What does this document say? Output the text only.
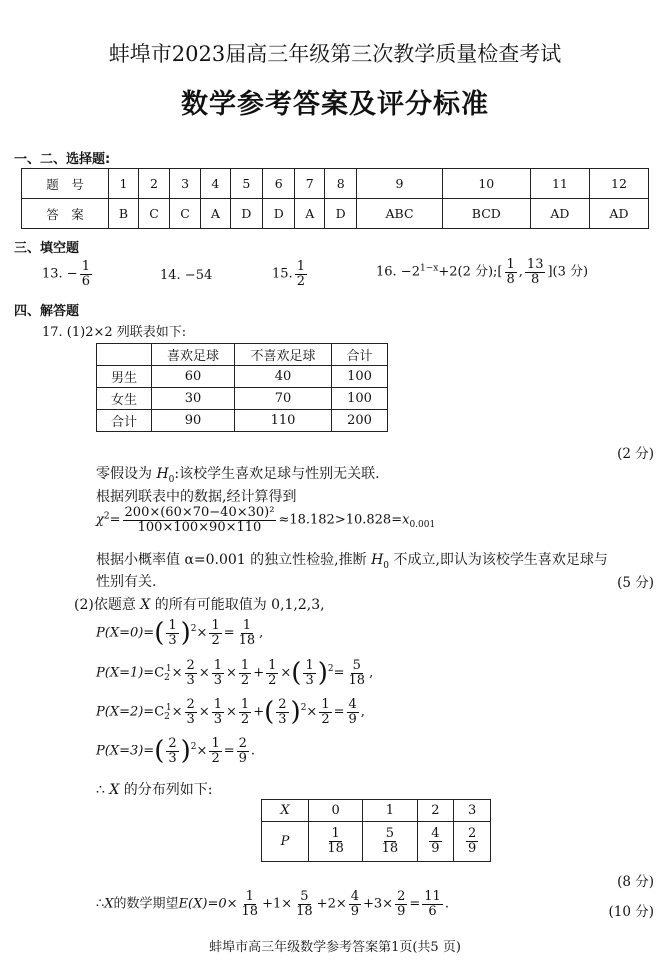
蚌埠市2023届高三年级第三次教学质量检查考试
数学参考答案及评分标准
一、二、选择题:
题　号	1	2	3	4	5	6	7	8	9	10	11	12
答　案	B	C	C	A	D	D	A	D	ABC	BCD	AD	AD
三、填空题
13. − $\frac{1}{6}$	14. −54	15. $\frac{1}{2}$	16. $-2^{1-x}+2(2$ 分);[ $\frac{1}{8}$ , $\frac{13}{8} ](3$ 分)
四、解答题
17. (1)2×2 列联表如下:
	喜欢足球	不喜欢足球	合计
男生	60	40	100
女生	30	70	100
合计	90	110	200
(2 分)
零假设为 $H_0$:该校学生喜欢足球与性别无关联.
根据列联表中的数据,经计算得到
$\chi^2= \frac{\text{200×(60×70−40×30)²}}{100\times 100\times 90\times 110} \approx 18.182>10.828=x_{0.001}$
根据小概率值 α=0.001 的独立性检验,推断 $H_0$ 不成立,即认为该校学生喜欢足球与
性别有关.	(5 分)
(2)依题意 X 的所有可能取值为 0,1,2,3,
$P(X=0)=( \frac{1}{3} )^2\times \frac{1}{2} = \frac{1}{18}$ ,
$P(X=1)=C_2^1\times \frac{2}{3} \times \frac{1}{3} \times \frac{1}{2} + \frac{1}{2}$ ×( $\frac{1}{3} )^2= \frac{5}{18}$ ,
$P(X=2)=C_2^1\times \frac{2}{3} \times \frac{1}{3} \times \frac{1}{2}$ +( $\frac{2}{3} )^2\times \frac{1}{2} = \frac{4}{9}$ ,
$P(X=3)=( \frac{2}{3} )^2\times \frac{1}{2} = \frac{2}{9}$ .
∴ X 的分布列如下:
X	0	1	2	3
P	$\frac{1}{18}$	$\frac{5}{18}$	$\frac{4}{9}$	$\frac{2}{9}$
(8 分)
∴X的数学期望$E(X)=0\times \frac{1}{18} +1\times \frac{5}{18} +2\times \frac{4}{9} +3\times \frac{2}{9} = \frac{11}{6}$ .	(10 分)
蚌埠市高三年级数学参考答案第1页(共5 页)
